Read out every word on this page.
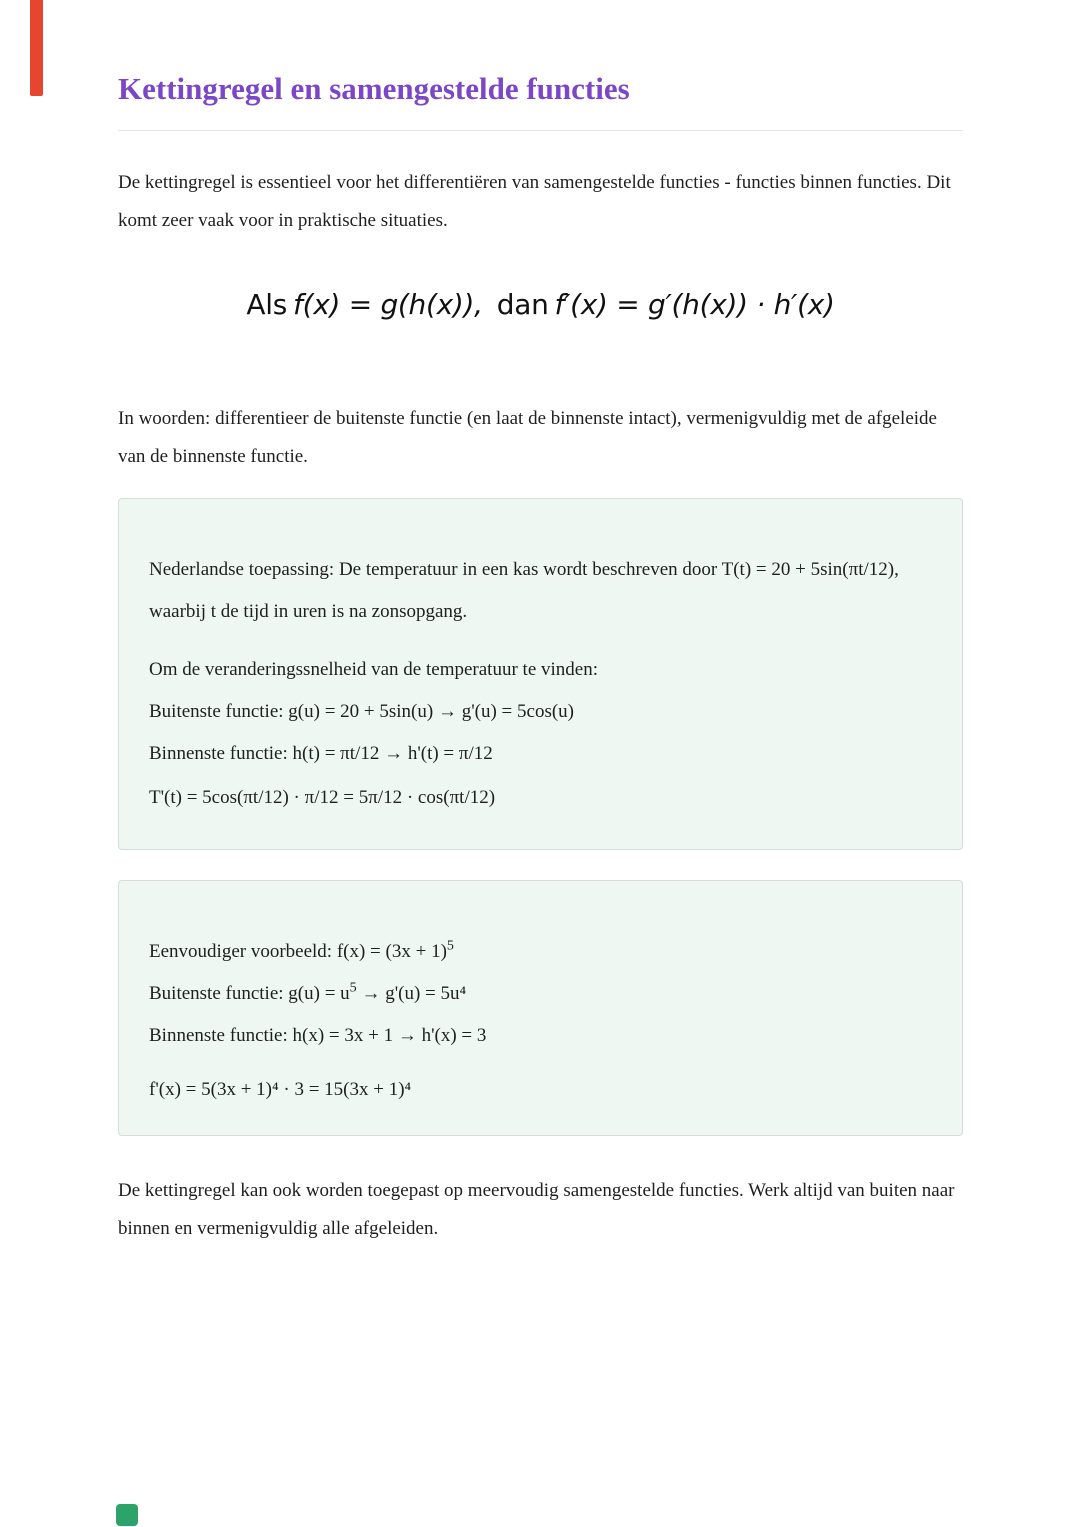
Kettingregel en samengestelde functies

De kettingregel is essentieel voor het differentiëren van samengestelde functies - functies binnen functies. Dit komt zeer vaak voor in praktische situaties.

Als f(x) = g(h(x)), dan f′(x) = g′(h(x)) · h′(x)

In woorden: differentieer de buitenste functie (en laat de binnenste intact), vermenigvuldig met de afgeleide van de binnenste functie.

Nederlandse toepassing: De temperatuur in een kas wordt beschreven door T(t) = 20 + 5sin(πt/12), waarbij t de tijd in uren is na zonsopgang.

Om de veranderingssnelheid van de temperatuur te vinden:
Buitenste functie: g(u) = 20 + 5sin(u) → g'(u) = 5cos(u)
Binnenste functie: h(t) = πt/12 → h'(t) = π/12

T'(t) = 5cos(πt/12) · π/12 = 5π/12 · cos(πt/12)

Eenvoudiger voorbeeld: $f(x) = (3x + 1)^5$
Buitenste functie: $g(u) = u^5 \to g'(u) = 5u^4$
Binnenste functie: h(x) = 3x + 1 → h'(x) = 3

f'(x) = 5(3x + 1)⁴ · 3 = 15(3x + 1)⁴

De kettingregel kan ook worden toegepast op meervoudig samengestelde functies. Werk altijd van buiten naar binnen en vermenigvuldig alle afgeleiden.
